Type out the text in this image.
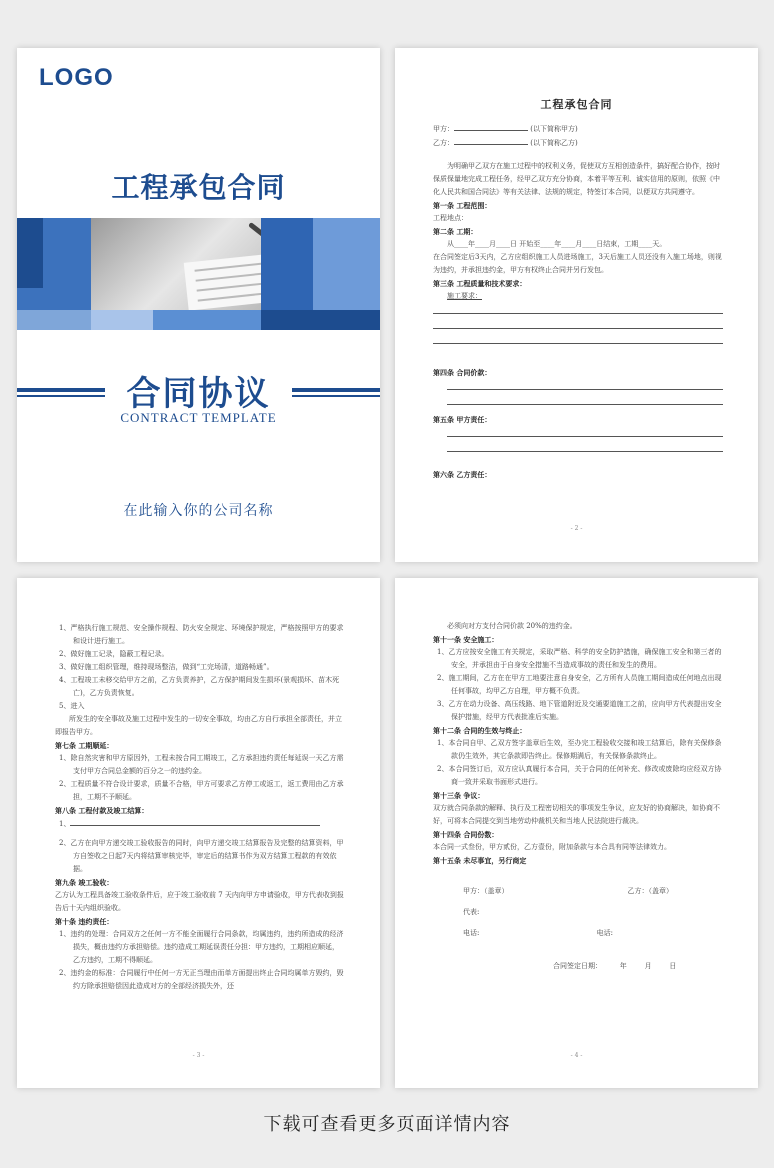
LOGO
工程承包合同
合同协议
CONTRACT TEMPLATE
在此输入你的公司名称
工程承包合同

甲方：	(以下简称甲方)

乙方：	(以下简称乙方)

为明确甲乙双方在施工过程中的权利义务，促使双方互相创造条件，搞好配合协作，按时保质保量地完成工程任务，经甲乙双方充分协商，本着平等互利、诚实信用的原则，依照《中化人民共和国合同法》等有关法律、法规的规定，特签订本合同，以便双方共同遵守。

第一条 工程范围：

工程地点：

第二条 工期：

从____年____月____日 开始至____年____月____日结束，工期____天。

在合同签定后3天内，乙方应组织施工人员进场施工，3天后施工人员还没有入施工场地，则视为违约，并承担违约金，甲方有权终止合同并另行发包。

第三条 工程质量和技术要求：

施工要求：

第四条 合同价款：

第五条 甲方责任：

第六条 乙方责任：

- 2 -

1、严格执行施工规范、安全操作规程、防火安全规定、环境保护规定，严格按照甲方的要求和设计进行施工。

2、做好施工记录，隐蔽工程记录。

3、做好施工组织管理，维持现场整洁，做到“工完场清，道路畅通”。

4、工程竣工未移交给甲方之前，乙方负责养护，乙方保护期间发生损坏(景观损坏、苗木死亡)，乙方负责恢复。

5、进入

所发生的安全事故及施工过程中发生的一切安全事故，均由乙方自行承担全部责任，并立即报告甲方。

第七条 工期顺延：

1、除自然灾害和甲方原因外，工程未按合同工期竣工，乙方承担违约责任每延误一天乙方需支付甲方合同总金额的百分之一的违约金。

2、工程质量不符合设计要求，质量不合格，甲方可要求乙方停工或返工，返工费用由乙方承担，工期不予顺延。

第八条 工程付款及竣工结算：

1、

2、乙方在向甲方递交竣工验收报告的同时，向甲方递交竣工结算报告及完整的结算资料，甲方自签收之日起7天内将结算审核完毕，审定后的结算书作为双方结算工程款的有效依据。

第九条 竣工验收：

乙方认为工程具备竣工验收条件后，应于竣工验收前 7 天内向甲方申请验收，甲方代表收到报告后十天内组织验收。

第十条 违约责任：

1、违约的处理：合同双方之任何一方不能全面履行合同条款，均属违约，违约所造成的经济损失，概由违约方承担赔偿。违约造成工期延误责任分担：甲方违约，工期相应顺延，乙方违约，工期不得顺延。

2、违约金的标准：合同履行中任何一方无正当理由而单方面提出终止合同均属单方毁约，毁约方除承担赔偿因此造成对方的全部经济损失外，还

- 3 -

必须向对方支付合同价款 20%的违约金。

第十一条 安全施工：

1、乙方应按安全施工有关规定，采取严格、科学的安全防护措施，确保施工安全和第三者的安全，并承担由于自身安全措施不当造成事故的责任和发生的费用。

2、施工期间，乙方在在甲方工地要注意自身安全，乙方所有人员施工期间造成任何地点出现任何事故，均甲乙方自理，甲方概不负责。

3、乙方在动力设备、高压线路、地下管道附近及交通要道施工之前，应向甲方代表提出安全保护措施，经甲方代表批准后实施。

第十二条 合同的生效与终止：

1、本合同自甲、乙双方签字盖章后生效，至办完工程验收交接和竣工结算后，除有关保修条款仍生效外，其它条款即告终止。保修期满后，有关保修条款终止。

2、本合同签订后，双方应认真履行本合同，关于合同的任何补充、修改或废除均应经双方协商一致并采取书面形式进行。

第十三条 争议：

双方就合同条款的解释、执行及工程密切相关的事项发生争议，应友好的协商解决，如协商不好，可将本合同提交到当地劳动仲裁机关和当地人民法院进行裁决。

第十四条 合同份数：

本合同一式叁份，甲方贰份，乙方壹份，附加条款与本合具有同等法律效力。

第十五条 未尽事宜，另行商定

甲方：（盖章）	乙方：（盖章）

代表:

电话:	电话:

合同签定日期：        年        月        日

- 4 -
下载可查看更多页面详情内容
